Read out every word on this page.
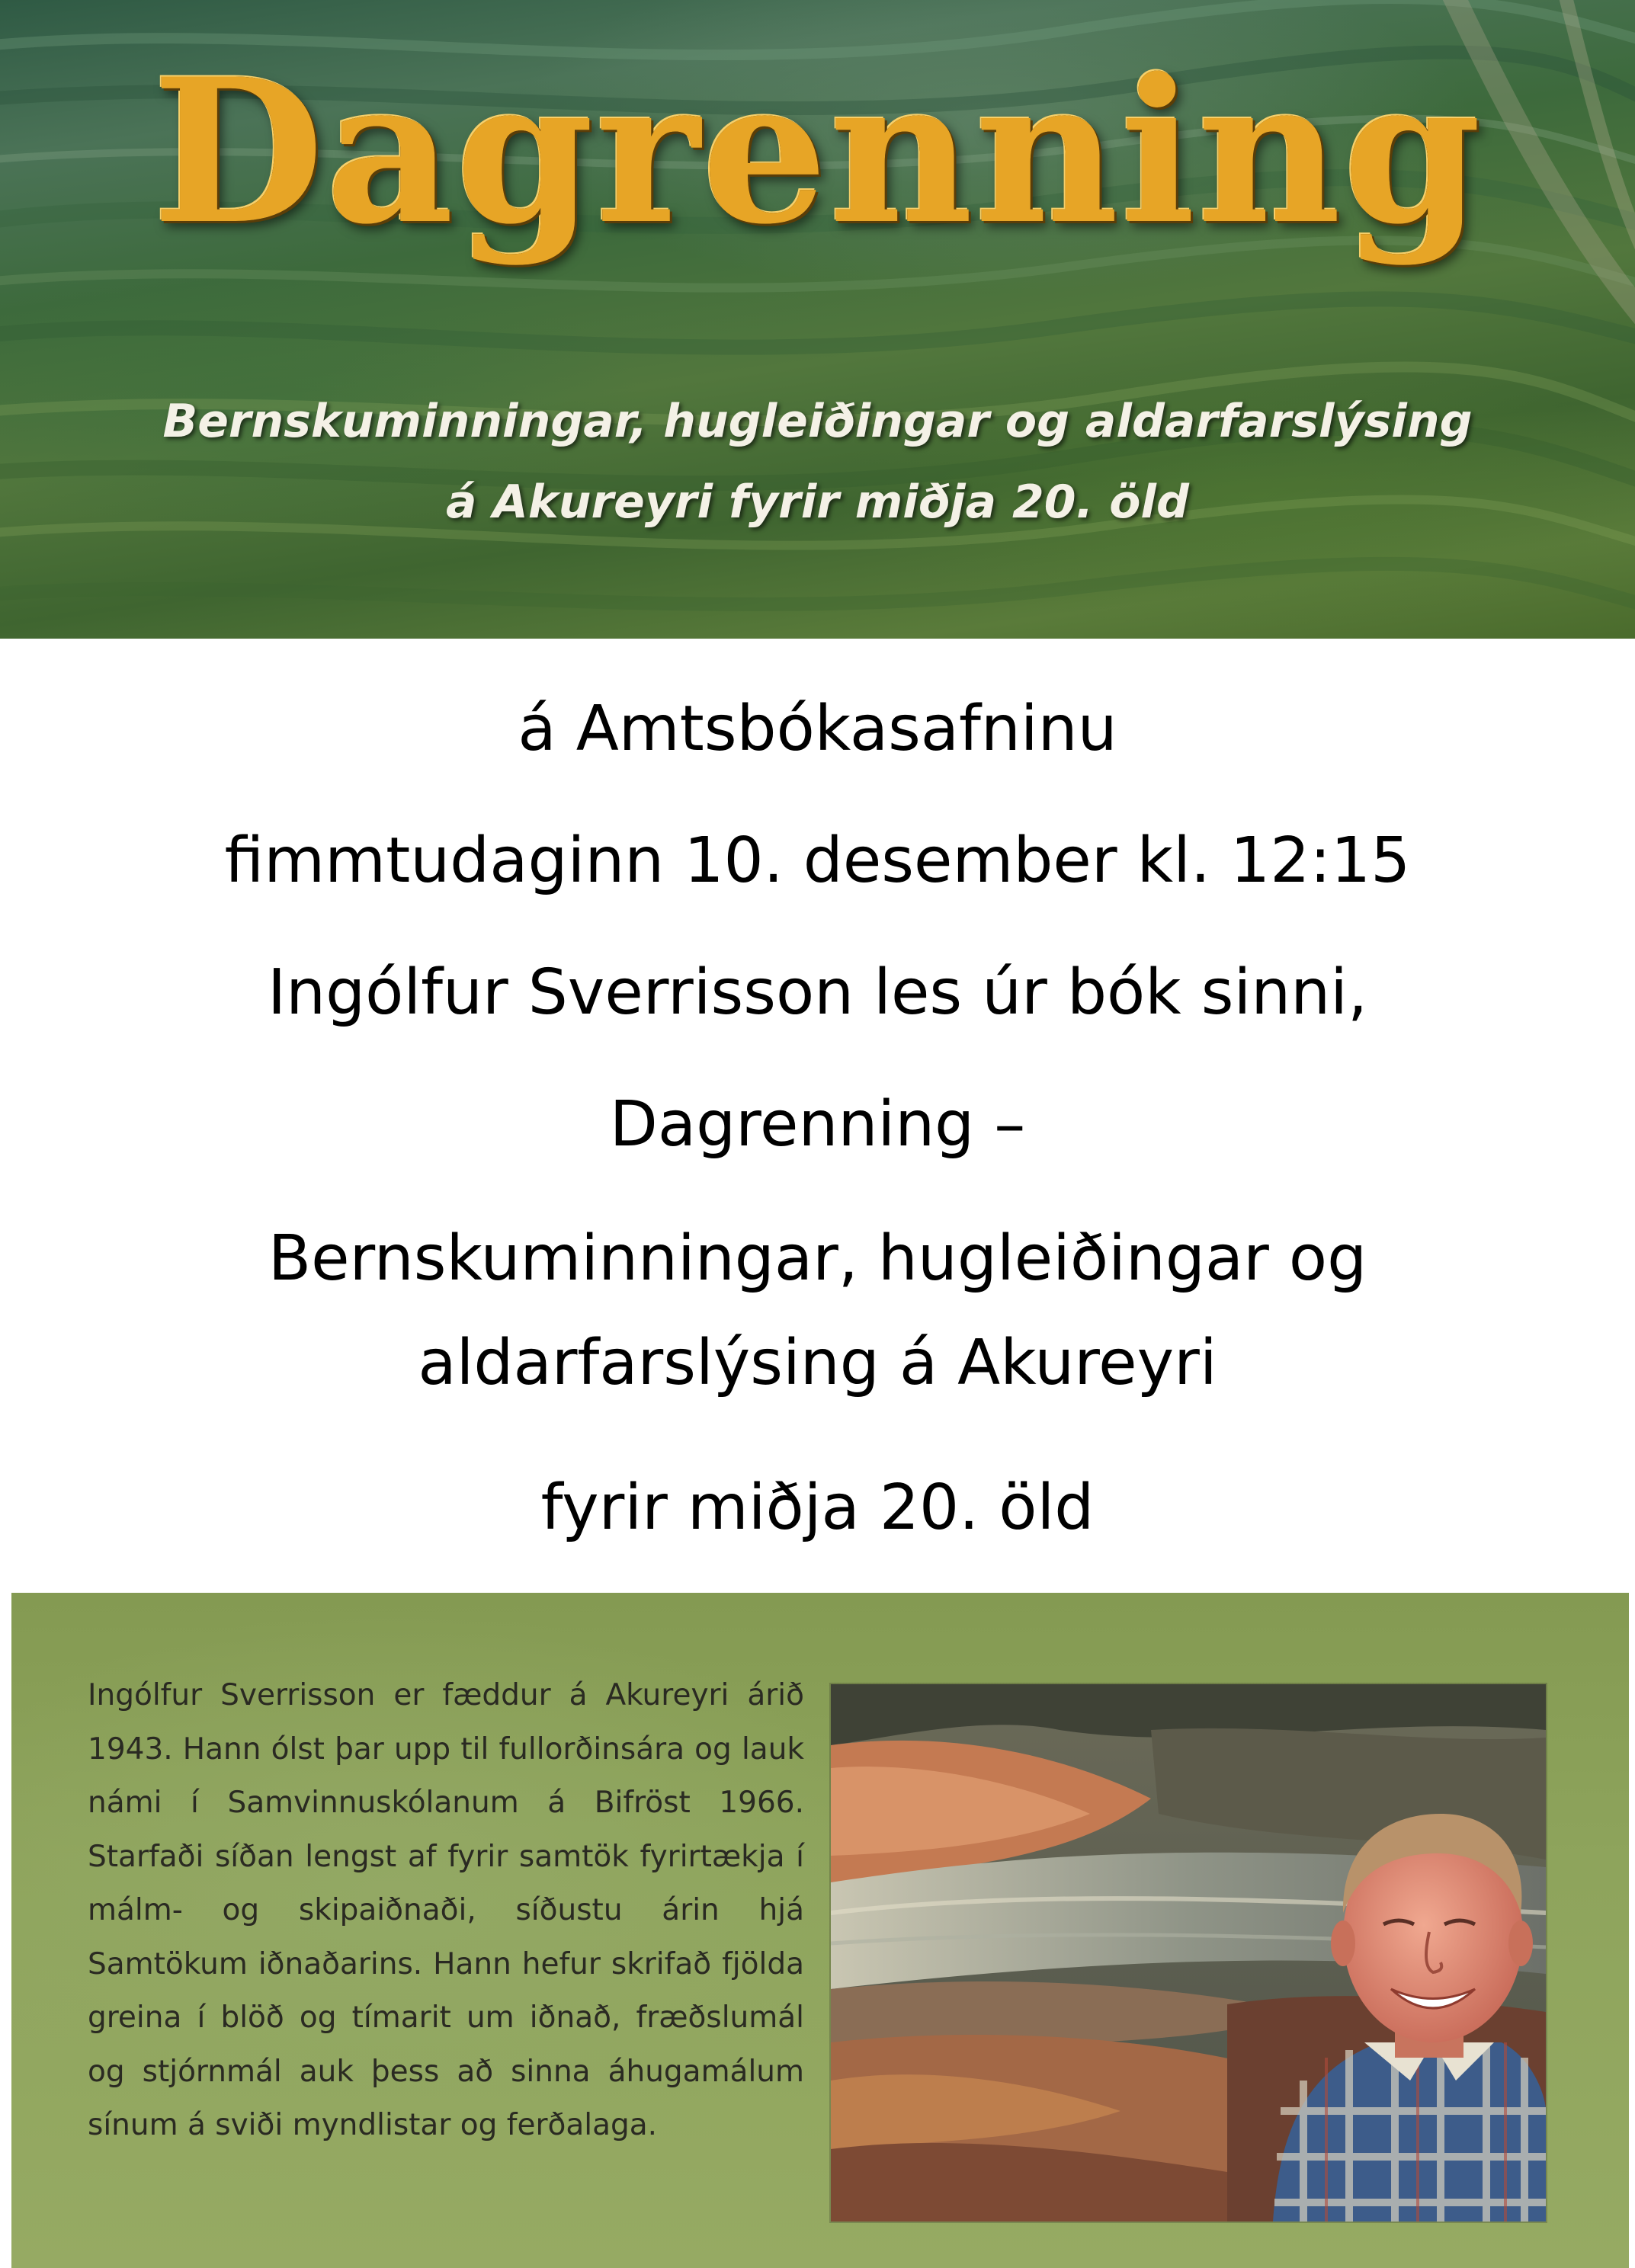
Dagrenning
Bernskuminningar, hugleiðingar og aldarfarslýsing
á Akureyri fyrir miðja 20. öld
á Amtsbókasafninu
fimmtudaginn 10. desember kl. 12:15
Ingólfur Sverrisson les úr bók sinni,
Dagrenning –
Bernskuminningar, hugleiðingar og
aldarfarslýsing á Akureyri
fyrir miðja 20. öld

Ingólfur Sverrisson er fæddur á Akureyri árið 1943. Hann ólst þar upp til fullorðinsára og lauk námi í Samvinnuskólanum á Bifröst 1966. Starfaði síðan lengst af fyrir samtök fyrirtækja í málm- og skipaiðnaði, síðustu árin hjá Samtökum iðnaðarins. Hann hefur skrifað fjölda greina í blöð og tímarit um iðnað, fræðslumál og stjórnmál auk þess að sinna áhugamálum sínum á sviði myndlistar og ferðalaga.
